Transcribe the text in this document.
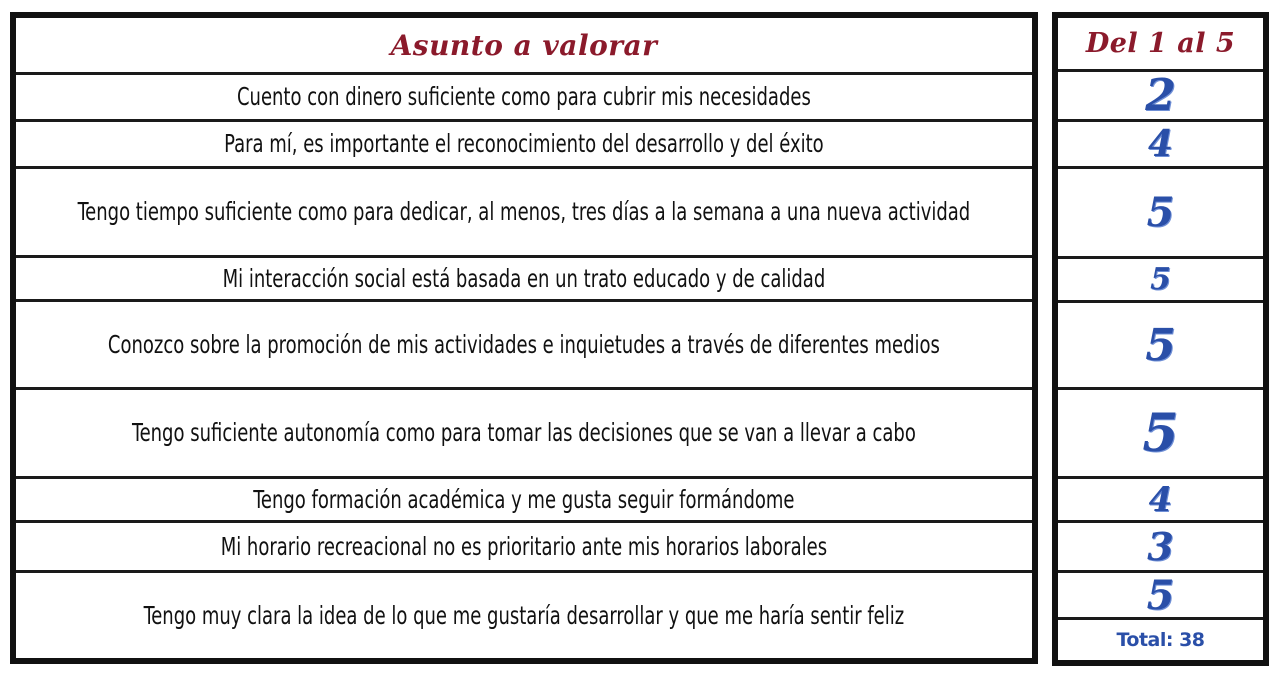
Asunto a valorar
Cuento con dinero suficiente como para cubrir mis necesidades
Para mí, es importante el reconocimiento del desarrollo y del éxito
Tengo tiempo suficiente como para dedicar, al menos, tres días a la semana a una nueva actividad
Mi interacción social está basada en un trato educado y de calidad
Conozco sobre la promoción de mis actividades e inquietudes a través de diferentes medios
Tengo suficiente autonomía como para tomar las decisiones que se van a llevar a cabo
Tengo formación académica y me gusta seguir formándome
Mi horario recreacional no es prioritario ante mis horarios laborales
Tengo muy clara la idea de lo que me gustaría desarrollar y que me haría sentir feliz
Del 1 al 5
2
4
5
5
5
5
4
3
5
Total: 38
